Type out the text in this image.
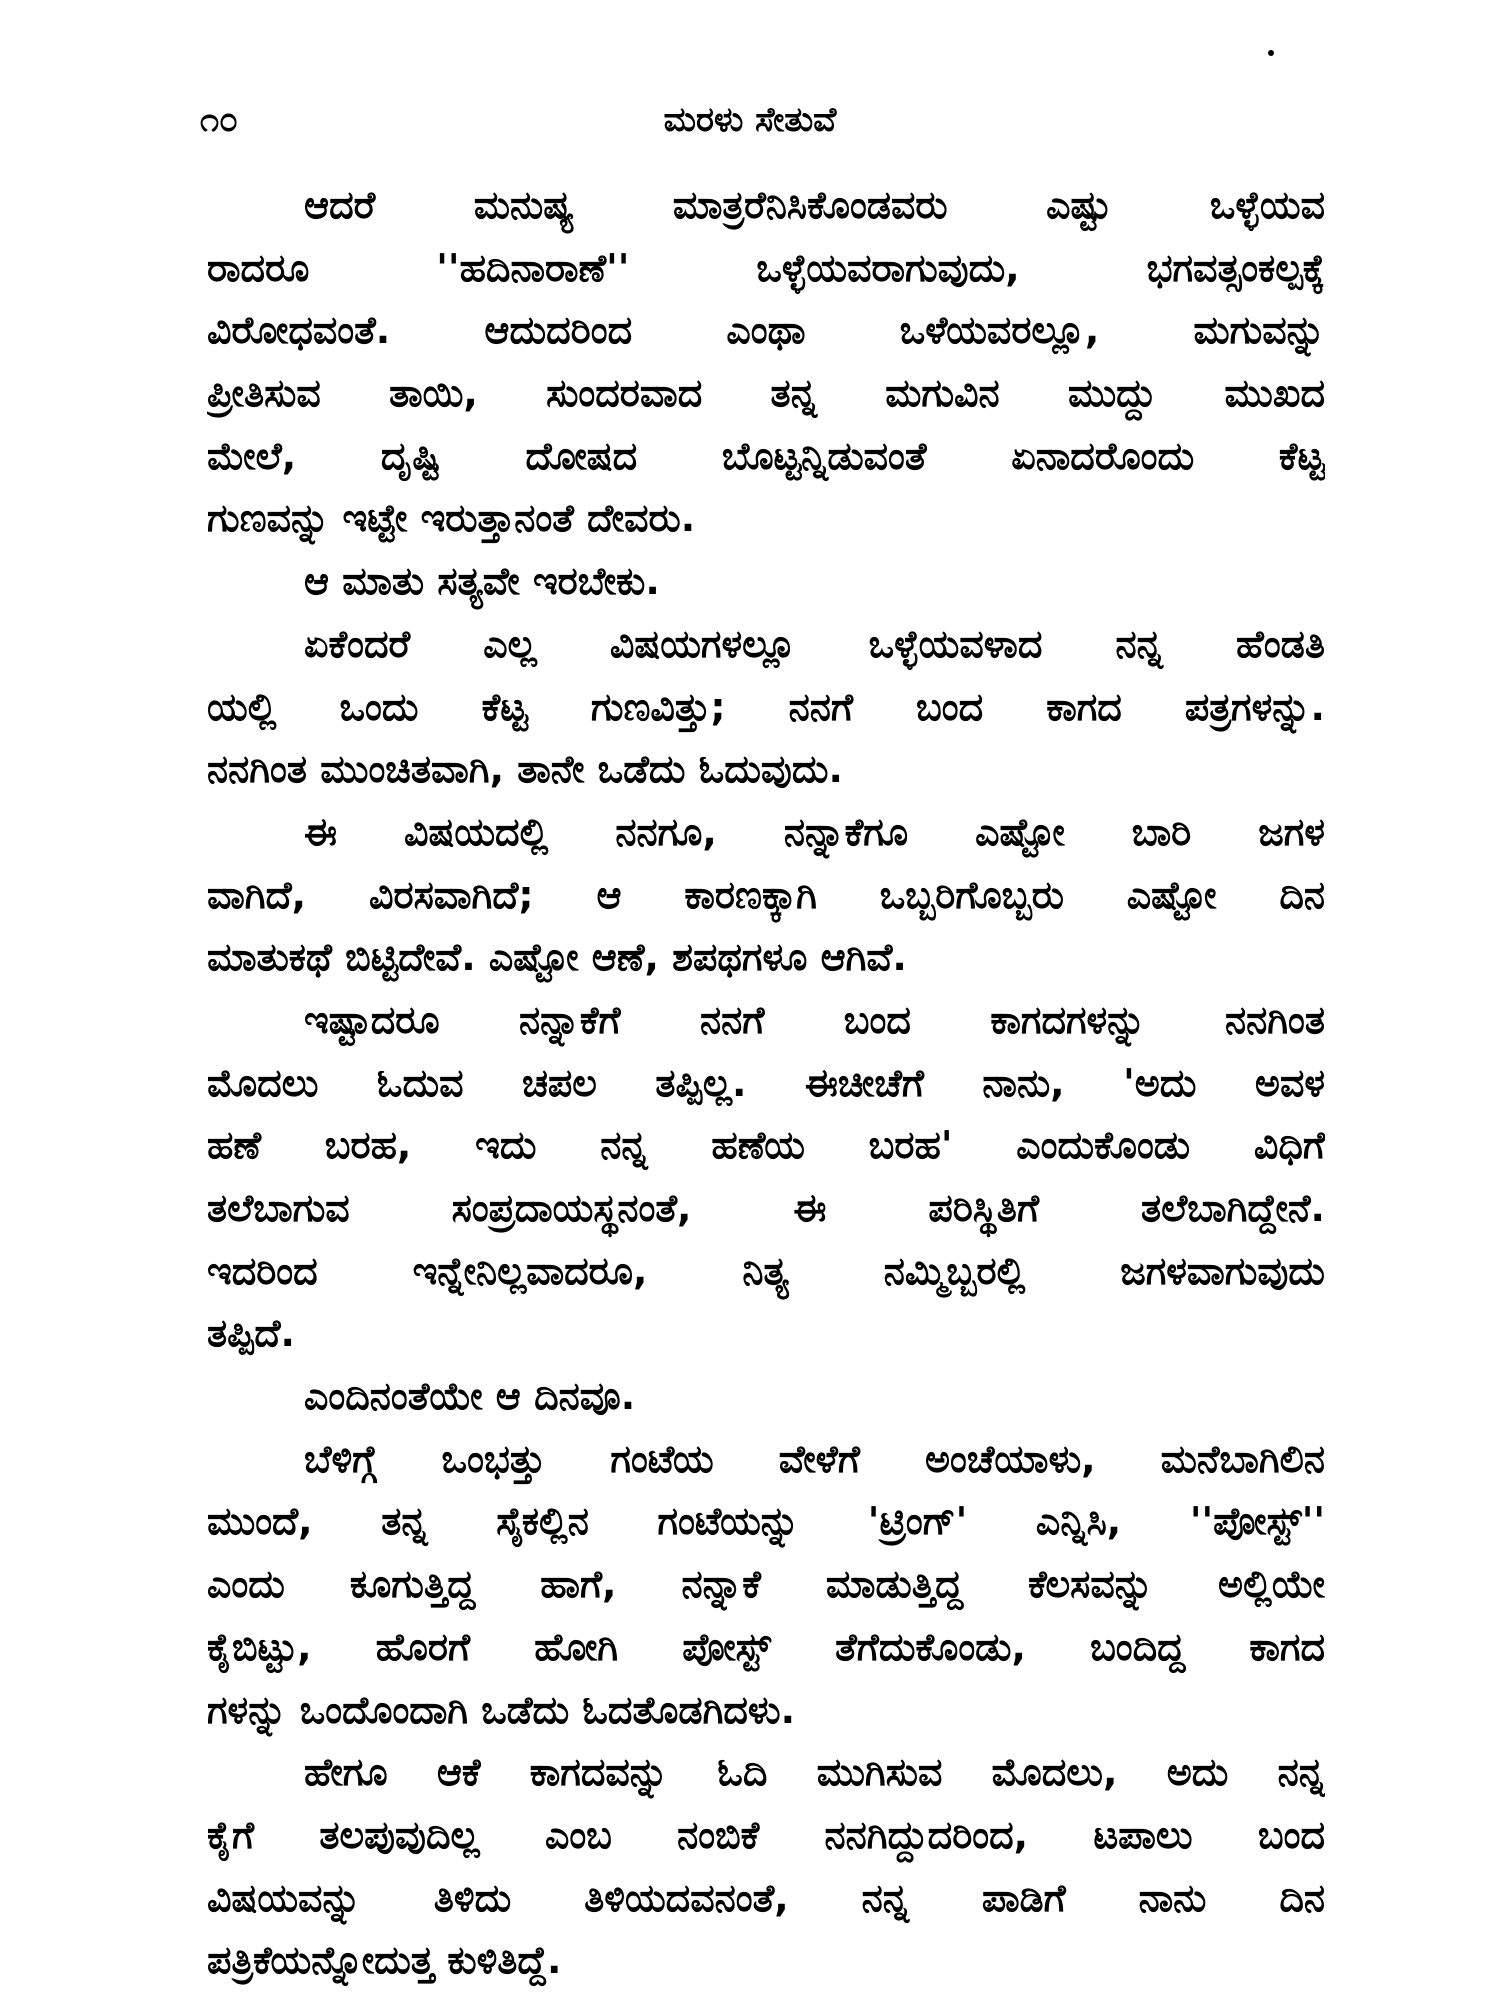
ಮರಳು ಸೇತುವೆ
೧೦
ಆದರೆ ಮನುಷ್ಯ ಮಾತ್ರರೆನಿಸಿಕೊಂಡವರು ಎಷ್ಟು ಒಳ್ಳೆಯವ
ರಾದರೂ ''ಹದಿನಾರಾಣೆ'' ಒಳ್ಳೆಯವರಾಗುವುದು, ಭಗವತ್ಸಂಕಲ್ಪಕ್ಕೆ
ವಿರೋಧವಂತೆ. ಆದುದರಿಂದ ಎಂಥಾ ಒಳೆಯವರಲ್ಲೂ, ಮಗುವನ್ನು
ಪ್ರೀತಿಸುವ ತಾಯಿ, ಸುಂದರವಾದ ತನ್ನ ಮಗುವಿನ ಮುದ್ದು ಮುಖದ
ಮೇಲೆ, ದೃಷ್ಟಿ ದೋಷದ ಬೊಟ್ಟನ್ನಿಡುವಂತೆ ಏನಾದರೊಂದು ಕೆಟ್ಟ
ಗುಣವನ್ನು ಇಟ್ಟೇ ಇರುತ್ತಾನಂತೆ ದೇವರು.
ಆ ಮಾತು ಸತ್ಯವೇ ಇರಬೇಕು.
ಏಕೆಂದರೆ ಎಲ್ಲ ವಿಷಯಗಳಲ್ಲೂ ಒಳ್ಳೆಯವಳಾದ ನನ್ನ ಹೆಂಡತಿ
ಯಲ್ಲಿ ಒಂದು ಕೆಟ್ಟ ಗುಣವಿತ್ತು; ನನಗೆ ಬಂದ ಕಾಗದ ಪತ್ರಗಳನ್ನು.
ನನಗಿಂತ ಮುಂಚಿತವಾಗಿ, ತಾನೇ ಒಡೆದು ಓದುವುದು.
ಈ ವಿಷಯದಲ್ಲಿ ನನಗೂ, ನನ್ನಾಕೆಗೂ ಎಷ್ಟೋ ಬಾರಿ ಜಗಳ
ವಾಗಿದೆ, ವಿರಸವಾಗಿದೆ; ಆ ಕಾರಣಕ್ಕಾಗಿ ಒಬ್ಬರಿಗೊಬ್ಬರು ಎಷ್ಟೋ ದಿನ
ಮಾತುಕಥೆ ಬಿಟ್ಟಿದೇವೆ. ಎಷ್ಟೋ ಆಣೆ, ಶಪಥಗಳೂ ಆಗಿವೆ.
ಇಷ್ಟಾದರೂ ನನ್ನಾಕೆಗೆ ನನಗೆ ಬಂದ ಕಾಗದಗಳನ್ನು ನನಗಿಂತ
ಮೊದಲು ಓದುವ ಚಪಲ ತಪ್ಪಿಲ್ಲ. ಈಚೀಚೆಗೆ ನಾನು, 'ಅದು ಅವಳ
ಹಣೆ ಬರಹ, ಇದು ನನ್ನ ಹಣೆಯ ಬರಹ' ಎಂದುಕೊಂಡು ವಿಧಿಗೆ
ತಲೆಬಾಗುವ ಸಂಪ್ರದಾಯಸ್ಥನಂತೆ, ಈ ಪರಿಸ್ಥಿತಿಗೆ ತಲೆಬಾಗಿದ್ದೇನೆ.
ಇದರಿಂದ ಇನ್ನೇನಿಲ್ಲವಾದರೂ, ನಿತ್ಯ ನಮ್ಮಿಬ್ಬರಲ್ಲಿ ಜಗಳವಾಗುವುದು
ತಪ್ಪಿದೆ.
ಎಂದಿನಂತೆಯೇ ಆ ದಿನವೂ.
ಬೆಳಿಗ್ಗೆ ಒಂಭತ್ತು ಗಂಟೆಯ ವೇಳೆಗೆ ಅಂಚೆಯಾಳು, ಮನೆಬಾಗಿಲಿನ
ಮುಂದೆ, ತನ್ನ ಸೈಕಲ್ಲಿನ ಗಂಟೆಯನ್ನು 'ಟ್ರಿಂಗ್' ಎನ್ನಿಸಿ, ''ಪೋಸ್ಟ್''
ಎಂದು ಕೂಗುತ್ತಿದ್ದ ಹಾಗೆ, ನನ್ನಾಕೆ ಮಾಡುತ್ತಿದ್ದ ಕೆಲಸವನ್ನು ಅಲ್ಲಿಯೇ
ಕೈಬಿಟ್ಟು, ಹೊರಗೆ ಹೋಗಿ ಪೋಸ್ಟ್ ತೆಗೆದುಕೊಂಡು, ಬಂದಿದ್ದ ಕಾಗದ
ಗಳನ್ನು ಒಂದೊಂದಾಗಿ ಒಡೆದು ಓದತೊಡಗಿದಳು.
ಹೇಗೂ ಆಕೆ ಕಾಗದವನ್ನು ಓದಿ ಮುಗಿಸುವ ಮೊದಲು, ಅದು ನನ್ನ
ಕೈಗೆ ತಲಪುವುದಿಲ್ಲ ಎಂಬ ನಂಬಿಕೆ ನನಗಿದ್ದುದರಿಂದ, ಟಪಾಲು ಬಂದ
ವಿಷಯವನ್ನು ತಿಳಿದು ತಿಳಿಯದವನಂತೆ, ನನ್ನ ಪಾಡಿಗೆ ನಾನು ದಿನ
ಪತ್ರಿಕೆಯನ್ನೋದುತ್ತ ಕುಳಿತಿದ್ದೆ.
